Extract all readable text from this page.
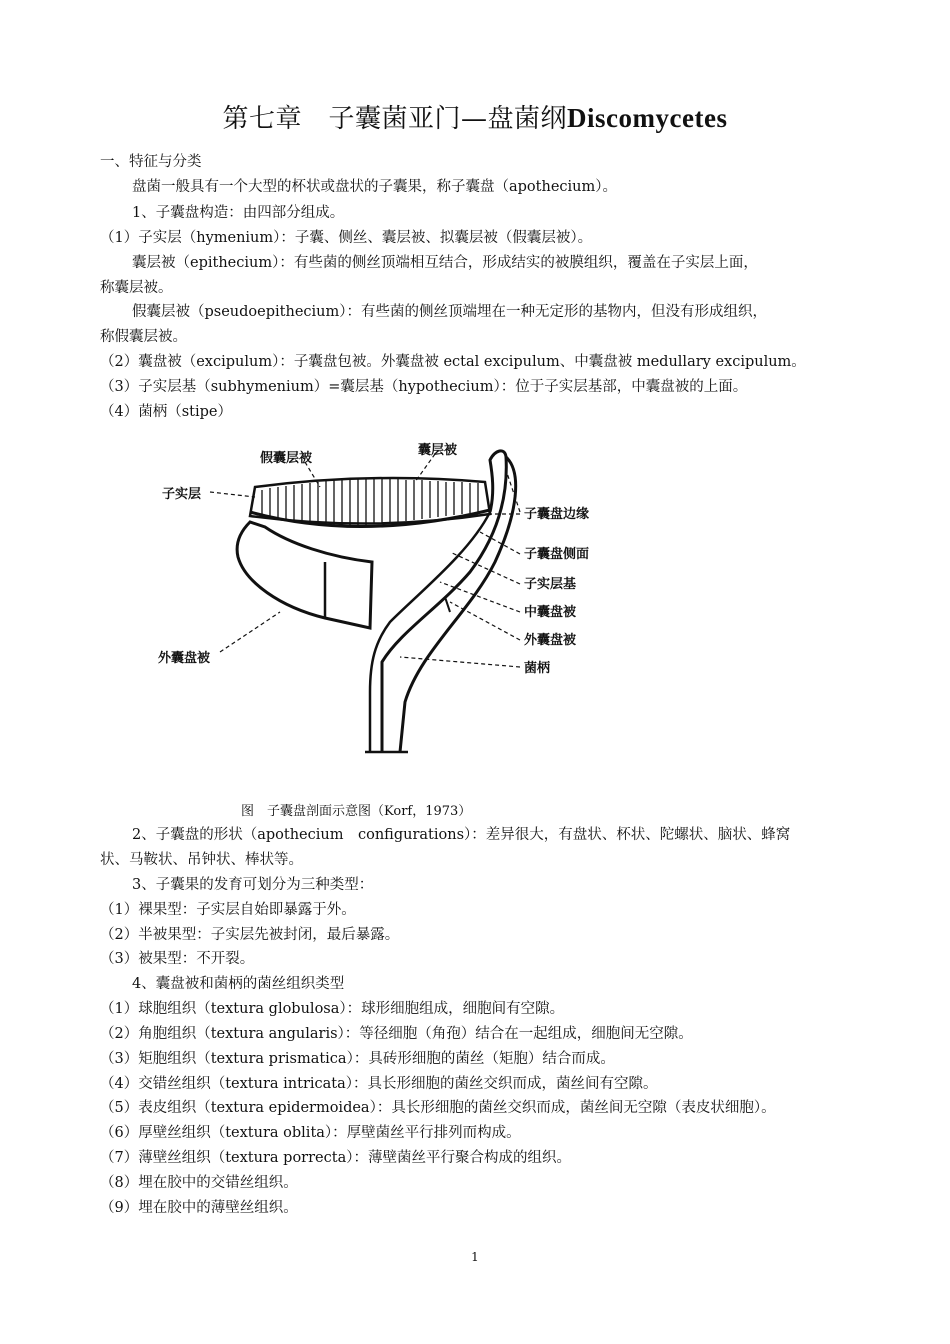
第七章　子囊菌亚门—盘菌纲Discomycetes
一、特征与分类
盘菌一般具有一个大型的杯状或盘状的子囊果，称子囊盘（apothecium）。
1、子囊盘构造：由四部分组成。
（1）子实层（hymenium）：子囊、侧丝、囊层被、拟囊层被（假囊层被）。
囊层被（epithecium）：有些菌的侧丝顶端相互结合，形成结实的被膜组织，覆盖在子实层上面，
称囊层被。
假囊层被（pseudoepithecium）：有些菌的侧丝顶端埋在一种无定形的基物内，但没有形成组织，
称假囊层被。
（2）囊盘被（excipulum）：子囊盘包被。外囊盘被 ectal excipulum、中囊盘被 medullary excipulum。
（3）子实层基（subhymenium）=囊层基（hypothecium）：位于子实层基部，中囊盘被的上面。
（4）菌柄（stipe）
假囊层被
囊层被
子实层
子囊盘边缘
子囊盘侧面
子实层基
中囊盘被
外囊盘被
菌柄
外囊盘被
图　子囊盘剖面示意图（Korf，1973）
2、子囊盘的形状（apothecium　configurations）：差异很大，有盘状、杯状、陀螺状、脑状、蜂窝
状、马鞍状、吊钟状、棒状等。
3、子囊果的发育可划分为三种类型：
（1）裸果型：子实层自始即暴露于外。
（2）半被果型：子实层先被封闭，最后暴露。
（3）被果型：不开裂。
4、囊盘被和菌柄的菌丝组织类型
（1）球胞组织（textura globulosa）：球形细胞组成，细胞间有空隙。
（2）角胞组织（textura angularis）：等径细胞（角孢）结合在一起组成，细胞间无空隙。
（3）矩胞组织（textura prismatica）：具砖形细胞的菌丝（矩胞）结合而成。
（4）交错丝组织（textura intricata）：具长形细胞的菌丝交织而成，菌丝间有空隙。
（5）表皮组织（textura epidermoidea）：具长形细胞的菌丝交织而成，菌丝间无空隙（表皮状细胞）。
（6）厚壁丝组织（textura oblita）：厚壁菌丝平行排列而构成。
（7）薄壁丝组织（textura porrecta）：薄壁菌丝平行聚合构成的组织。
（8）埋在胶中的交错丝组织。
（9）埋在胶中的薄壁丝组织。
1
